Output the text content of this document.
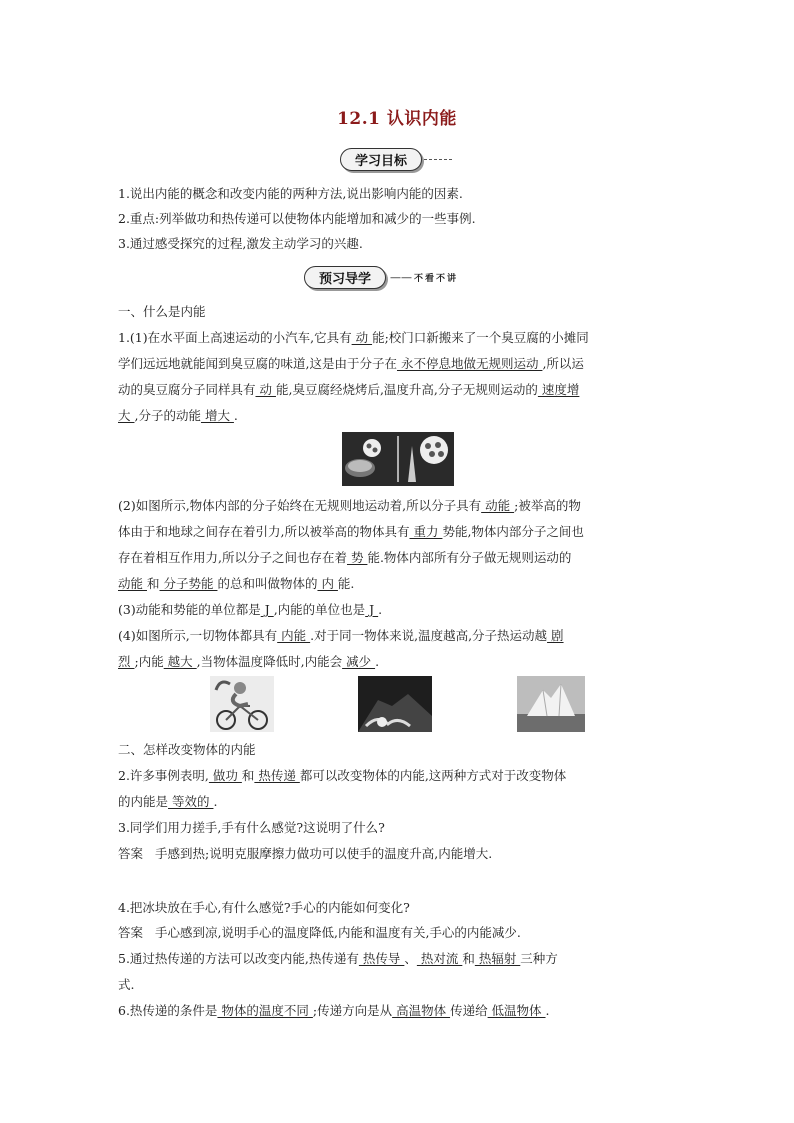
12.1 认识内能
学习目标
1.说出内能的概念和改变内能的两种方法,说出影响内能的因素.
2.重点:列举做功和热传递可以使物体内能增加和减少的一些事例.
3.通过感受探究的过程,激发主动学习的兴趣.
预习导学	—— 不看不讲
一、什么是内能
1.(1)在水平面上高速运动的小汽车,它具有 动 能;校门口新搬来了一个臭豆腐的小摊同
学们远远地就能闻到臭豆腐的味道,这是由于分子在 永不停息地做无规则运动 ,所以运
动的臭豆腐分子同样具有 动 能,臭豆腐经烧烤后,温度升高,分子无规则运动的 速度增
大 ,分子的动能 增大 .
(2)如图所示,物体内部的分子始终在无规则地运动着,所以分子具有 动能 ;被举高的物
体由于和地球之间存在着引力,所以被举高的物体具有 重力 势能,物体内部分子之间也
存在着相互作用力,所以分子之间也存在着 势 能.物体内部所有分子做无规则运动的
动能 和 分子势能 的总和叫做物体的 内 能.
(3)动能和势能的单位都是 J ,内能的单位也是 J .
(4)如图所示,一切物体都具有 内能 .对于同一物体来说,温度越高,分子热运动越 剧
烈 ;内能 越大 ,当物体温度降低时,内能会 减少 .
二、怎样改变物体的内能
2.许多事例表明, 做功 和 热传递 都可以改变物体的内能,这两种方式对于改变物体
的内能是 等效的 .
3.同学们用力搓手,手有什么感觉?这说明了什么?
答案 手感到热;说明克服摩擦力做功可以使手的温度升高,内能增大.
4.把冰块放在手心,有什么感觉?手心的内能如何变化?
答案 手心感到凉,说明手心的温度降低,内能和温度有关,手心的内能减少.
5.通过热传递的方法可以改变内能,热传递有 热传导 、 热对流 和 热辐射 三种方
式.
6.热传递的条件是 物体的温度不同 ;传递方向是从 高温物体 传递给 低温物体 .
